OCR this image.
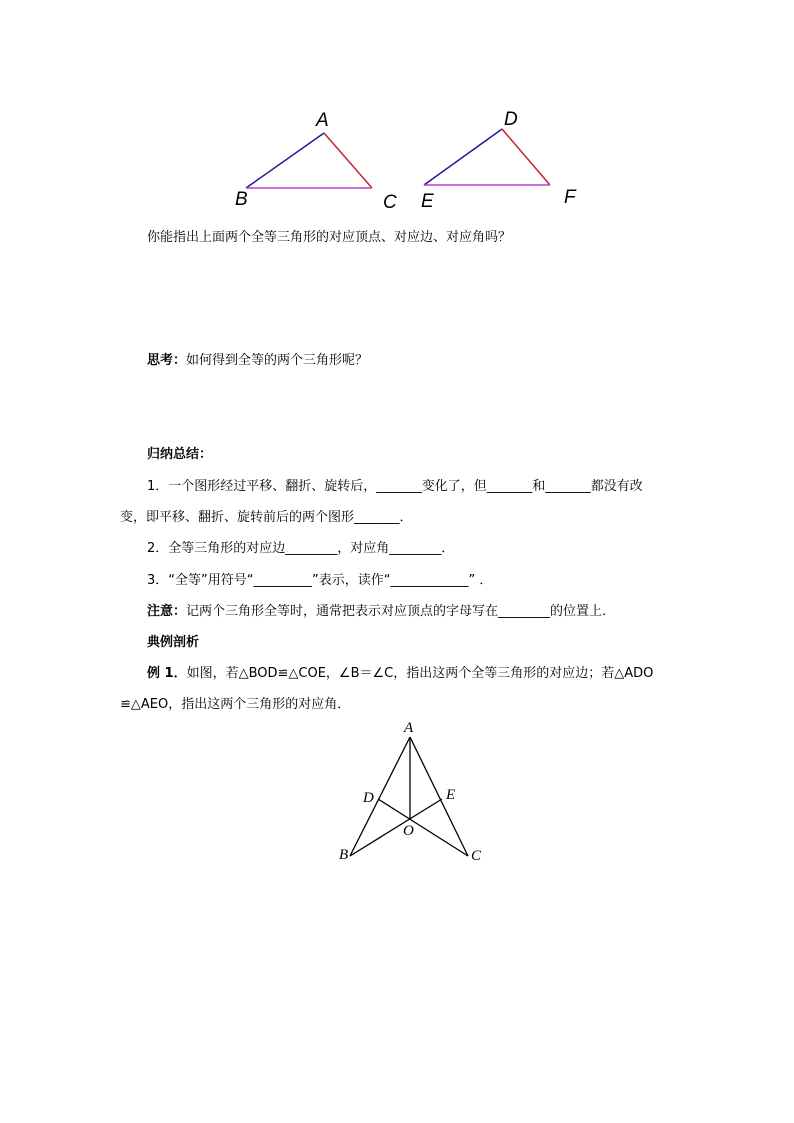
A
B	C
D
E	F
你能指出上面两个全等三角形的对应顶点、对应边、对应角吗？
思考：如何得到全等的两个三角形呢？
归纳总结：
1．一个图形经过平移、翻折、旋转后，_______变化了，但_______和_______都没有改
变，即平移、翻折、旋转前后的两个图形_______．
2．全等三角形的对应边________，对应角________．
3．“全等”用符号“_________”表示，读作“____________” ．
注意：记两个三角形全等时，通常把表示对应顶点的字母写在________的位置上．
典例剖析
例 1．如图，若△BOD≌△COE，∠B＝∠C，指出这两个全等三角形的对应边；若△ADO
≌△AEO，指出这两个三角形的对应角．
A
D	E
O
B	C
